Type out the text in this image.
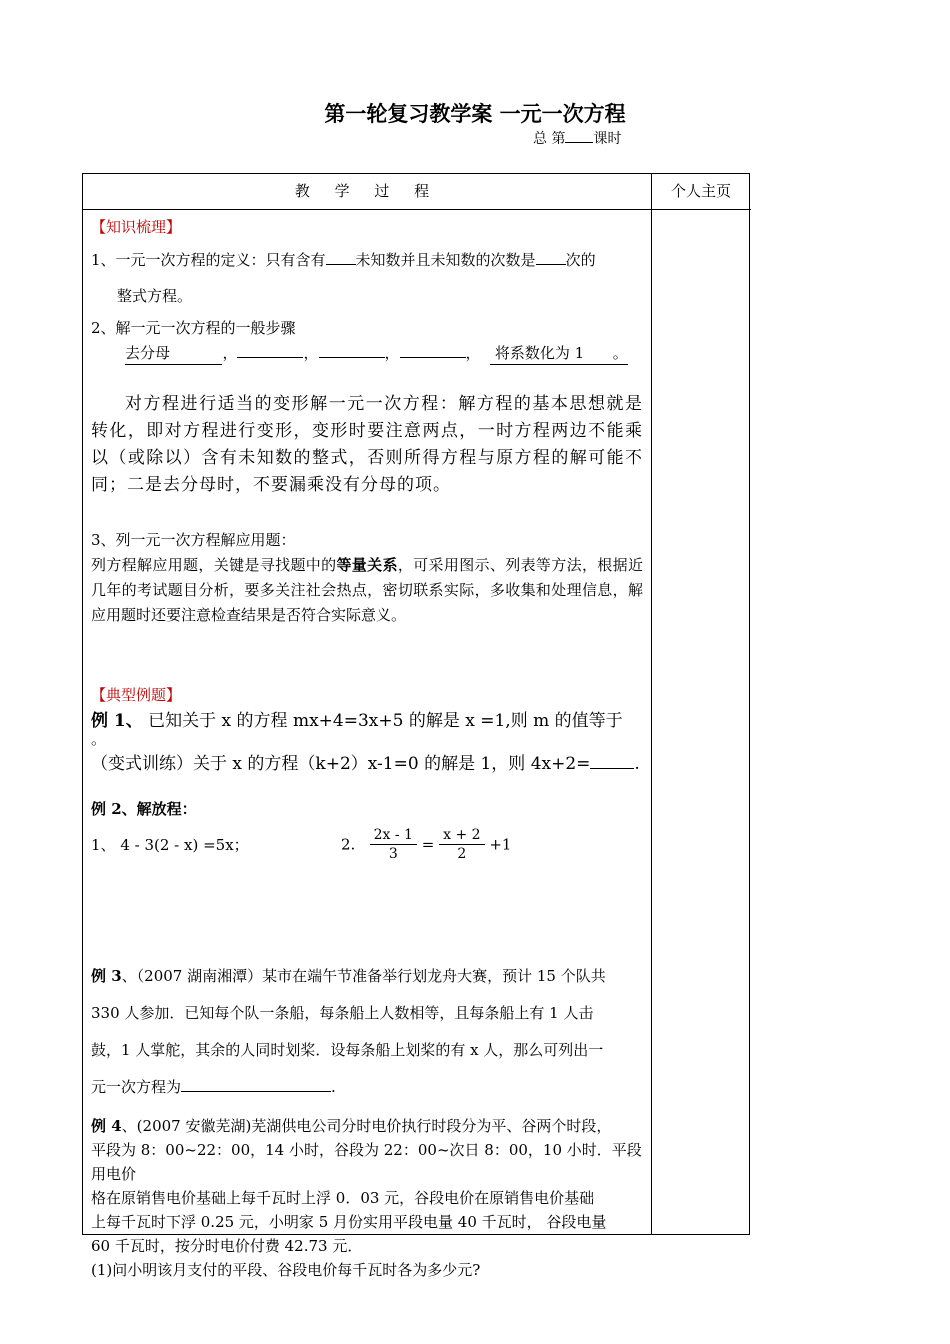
第一轮复习教学案 一元一次方程
总 第 课时
教 学 过 程	个人主页

【知识梳理】

1、一元一次方程的定义：只有含有 未知数并且未知数的次数是 次的

整式方程。

2、解一元一次方程的一般步骤

去分母	，	，	，	， 将系数化为 1 。

对方程进行适当的变形解一元一次方程：解方程的基本思想就是转化，即对方程进行变形，变形时要注意两点，一时方程两边不能乘以（或除以）含有未知数的整式，否则所得方程与原方程的解可能不同；二是去分母时，不要漏乘没有分母的项。

3、列一元一次方程解应用题：

列方程解应用题，关键是寻找题中的等量关系，可采用图示、列表等方法，根据近几年的考试题目分析，要多关注社会热点，密切联系实际，多收集和处理信息，解应用题时还要注意检查结果是否符合实际意义。

【典型例题】

例 1、 已知关于 x 的方程 mx+4=3x+5 的解是 x =1,则 m 的值等于

。

（变式训练）关于 x 的方程（k+2）x-1=0 的解是 1，则 4x+2=	.

例 2、解放程：

1、 4 - 3(2 - x) =5x；	2. $\frac{2x - 1}{3} = \frac{x + 2}{2} +1$

例 3、（2007 湖南湘潭）某市在端午节准备举行划龙舟大赛，预计 15 个队共

330 人参加．已知每个队一条船，每条船上人数相等，且每条船上有 1 人击

鼓，1 人掌舵，其余的人同时划桨．设每条船上划桨的有 x 人，那么可列出一

元一次方程为	.

例 4、(2007 安徽芜湖)芜湖供电公司分时电价执行时段分为平、谷两个时段，

平段为 8：00~22：00，14 小时，谷段为 22：00~次日 8：00，10 小时．平段用电价

格在原销售电价基础上每千瓦时上浮 0．03 元，谷段电价在原销售电价基础

上每千瓦时下浮 0.25 元，小明家 5 月份实用平段电量 40 千瓦时， 谷段电量

60 千瓦时，按分时电价付费 42.73 元．

(1)问小明该月支付的平段、谷段电价每千瓦时各为多少元?
